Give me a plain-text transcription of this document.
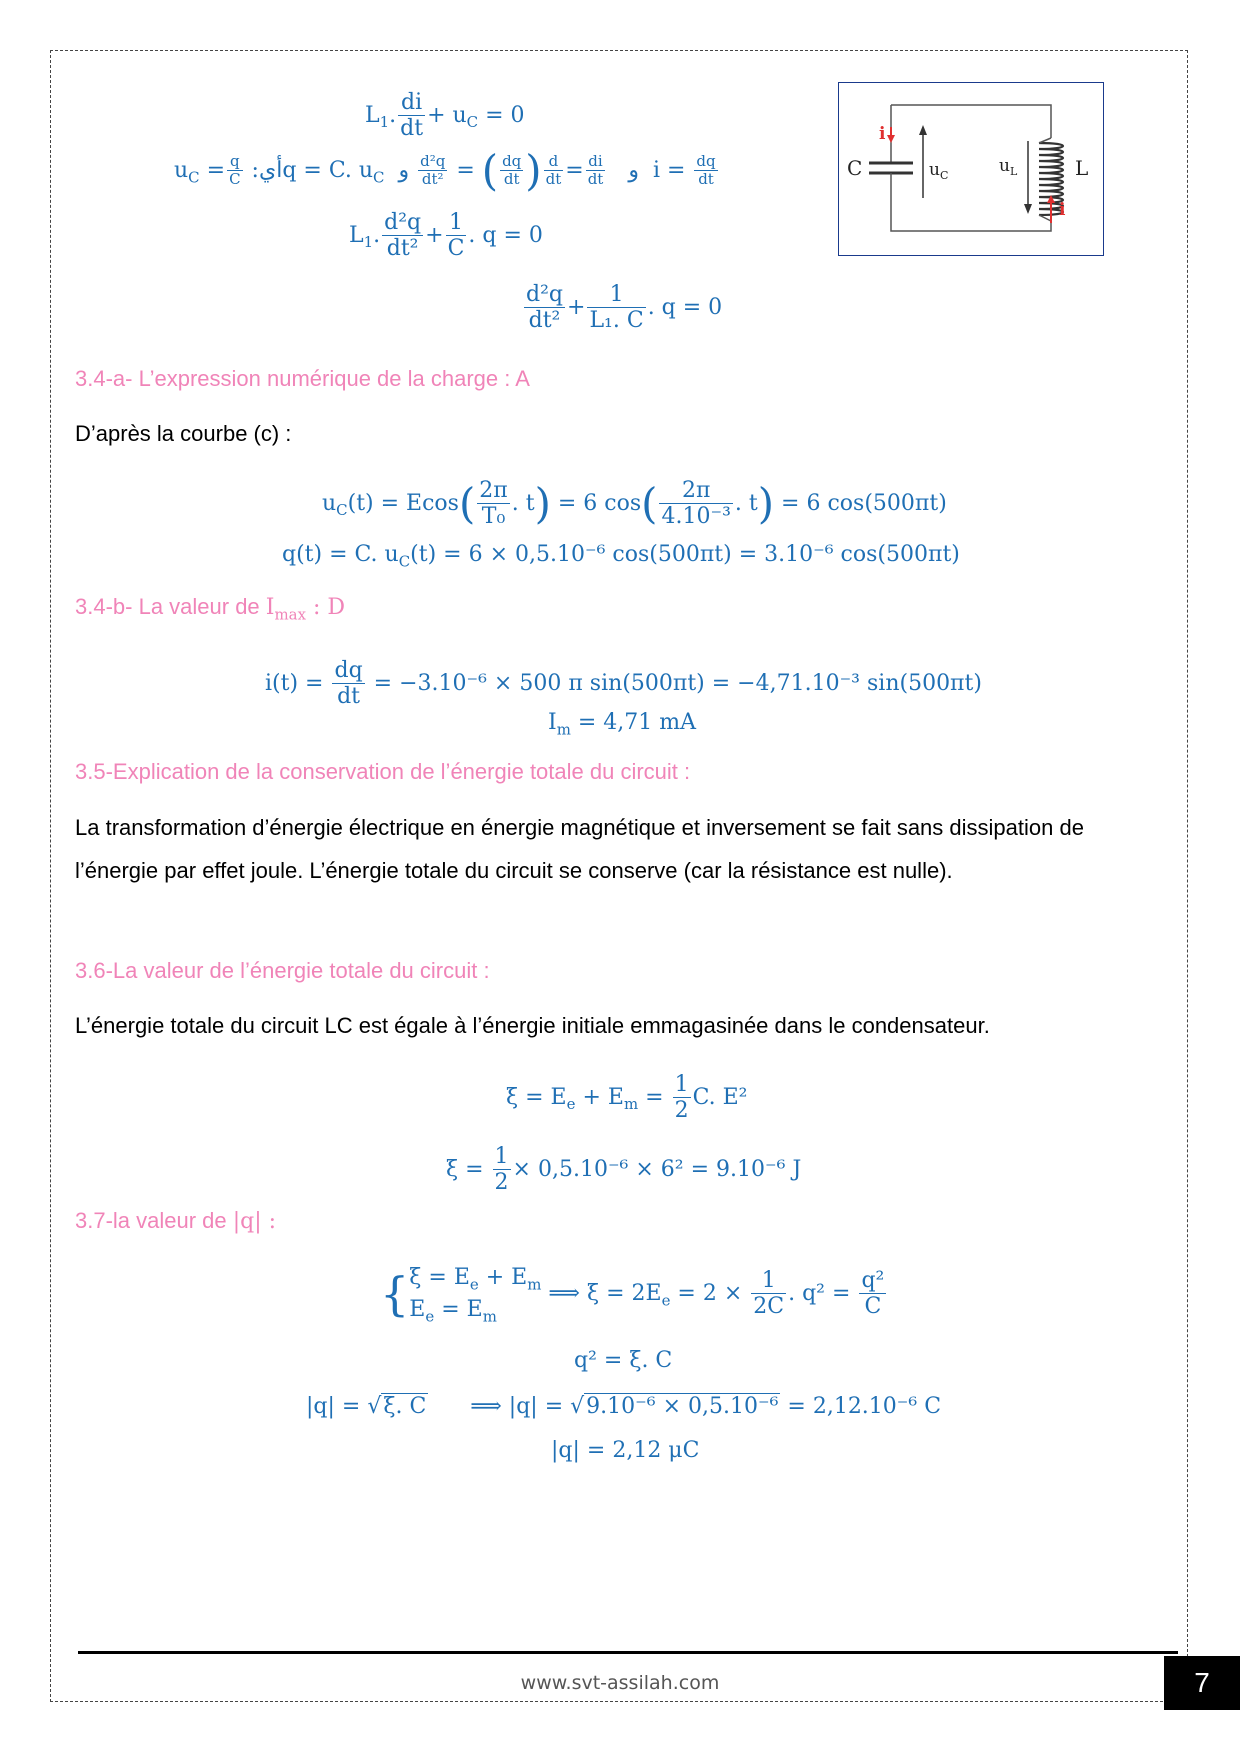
$L_1$. $\frac{di}{dt} + u_C = 0$
$u_C = \frac{q}{C}$ :أيq = C. $u_C$	و
$\frac{di}{dt}$
=
$\frac{d}{dt}$
(
$\frac{dq}{dt}$
) =
$\frac{\text{d²q}}{\text{dt²}}$
و	$i = \frac{dq}{dt}$
$L_1$. $\frac{\text{d²q}}{\text{dt²}} + \frac{1}{C}$ . q = 0
$\frac{\text{d²q}}{\text{dt²}} + \frac{1}{\text{L₁. C}}$ . q = 0
C	u C	u L	L
i
i
3.4-a- L’expression numérique de la charge : A
D’après la courbe (c) :
$u_C(t) = Ecos( \frac{2\pi}{\text{T₀}}$ . t) = 6 $\cos( \frac{2\pi}{\text{4.10⁻³}}$ . t) = 6 cos(500πt)
q(t) = C. $u_C(t) = 6 \times 0,5.10^{-6}$ cos(500πt) = 3.10⁻⁶ cos(500πt)
3.4-b- La valeur de $I_{max}$ : D
$i(t) = \frac{dq}{dt} = -3.10^{-6} \times 500$ π sin(500πt) = −4,71.10⁻³ sin(500πt)
$I_m = 4,71$ mA
3.5-Explication de la conservation de l’énergie totale du circuit :
La transformation d’énergie électrique en énergie magnétique et inversement se fait sans dissipation de l’énergie par effet joule. L’énergie totale du circuit se conserve (car la résistance est nulle).
3.6-La valeur de l’énergie totale du circuit :
L’énergie totale du circuit LC est égale à l’énergie initiale emmagasinée dans le condensateur.
$\xi = E_e + E_m = \frac{1}{2} C$. E²
$\xi = \frac{1}{2} \times 0,5.10^{-6} \times 6^2 = 9.10^{-6}$ J
3.7-la valeur de |q| :
{ $\xi = E_e + E_m$
$E_e = E_m$
⟹ $\xi = 2E_e = 2 \times \frac{1}{2C}$ . $q^2 = \frac{\text{q²}}{C}$
q² = ξ. C
|q| = √ξ. C ⟹ |q| = √9.10⁻⁶ × 0,5.10⁻⁶ = 2,12.10⁻⁶ C
|q| = 2,12 μC
www.svt-assilah.com	7
